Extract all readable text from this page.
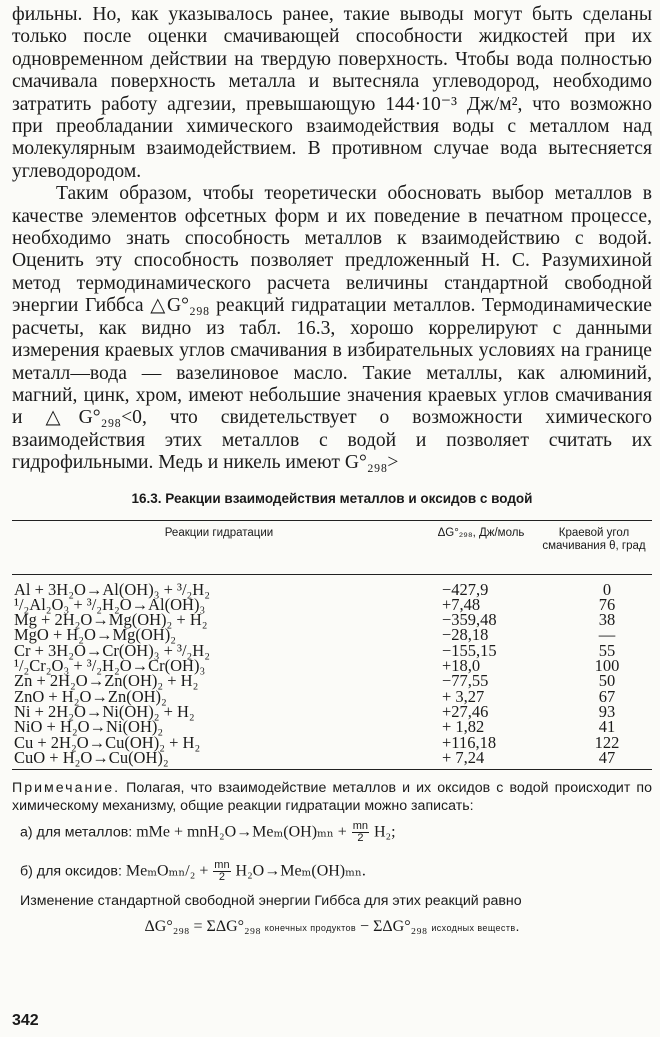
фильны. Но, как указывалось ранее, такие выводы могут быть сделаны только после оценки смачивающей способности жидкостей при их одновременном действии на твердую поверхность. Чтобы вода полностью смачивала поверхность металла и вытесняла углеводород, необходимо затратить работу адгезии, превышающую 144·10⁻³ Дж/м², что возможно при преобладании химического взаимодействия воды с металлом над молекулярным взаимодействием. В противном случае вода вытесняется углеводородом.

Таким образом, чтобы теоретически обосновать выбор металлов в качестве элементов офсетных форм и их поведение в печатном процессе, необходимо знать способность металлов к взаимодействию с водой. Оценить эту способность позволяет предложенный Н. С. Разумихиной метод термодинамического расчета величины стандартной свободной энергии Гиббса △G°₂₉₈ реакций гидратации металлов. Термодинамические расчеты, как видно из табл. 16.3, хорошо коррелируют с данными измерения краевых углов смачивания в избирательных условиях на границе металл—вода — вазелиновое масло. Такие металлы, как алюминий, магний, цинк, хром, имеют небольшие значения краевых углов смачивания и △G°₂₉₈<0, что свидетельствует о возможности химического взаимодействия этих металлов с водой и позволяет считать их гидрофильными. Медь и никель имеют G°₂₉₈>

16.3. Реакции взаимодействия металлов и оксидов с водой
Реакции гидратации	ΔG°₂₉₈, Дж/моль	Краевой угол смачивания θ, град
Al + 3H₂O→Al(OH)₃ + ³/₂H₂	−427,9	0
¹/₂Al₂O₃ + ³/₂H₂O→Al(OH)₃	+7,48	76
Mg + 2H₂O→Mg(OH)₂ + H₂	−359,48	38
MgO + H₂O→Mg(OH)₂	−28,18	—
Cr + 3H₂O→Cr(OH)₃ + ³/₂H₂	−155,15	55
¹/₂Cr₂O₃ + ³/₂H₂O→Cr(OH)₃	+18,0	100
Zn + 2H₂O→Zn(OH)₂ + H₂	−77,55	50
ZnO + H₂O→Zn(OH)₂	+ 3,27	67
Ni + 2H₂O→Ni(OH)₂ + H₂	+27,46	93
NiO + H₂O→Ni(OH)₂	+ 1,82	41
Cu + 2H₂O→Cu(OH)₂ + H₂	+116,18	122
CuO + H₂O→Cu(OH)₂	+ 7,24	47

Примечание. Полагая, что взаимодействие металлов и их оксидов с водой происходит по химическому механизму, общие реакции гидратации можно записать:

а) для металлов: mMe + $mnH_2O\to Me_m(OH)_{mn} + \frac{mn}{2} H_2$;

б) для оксидов: $Me_mO_{mn}/_2 + \frac{mn}{2} H_2O\to Me_m(OH)_{mn}$.

Изменение стандартной свободной энергии Гиббса для этих реакций равно

ΔG°₂₉₈ = ΣΔG°₂₉₈ конечных продуктов − ΣΔG°₂₉₈ исходных веществ.

342
